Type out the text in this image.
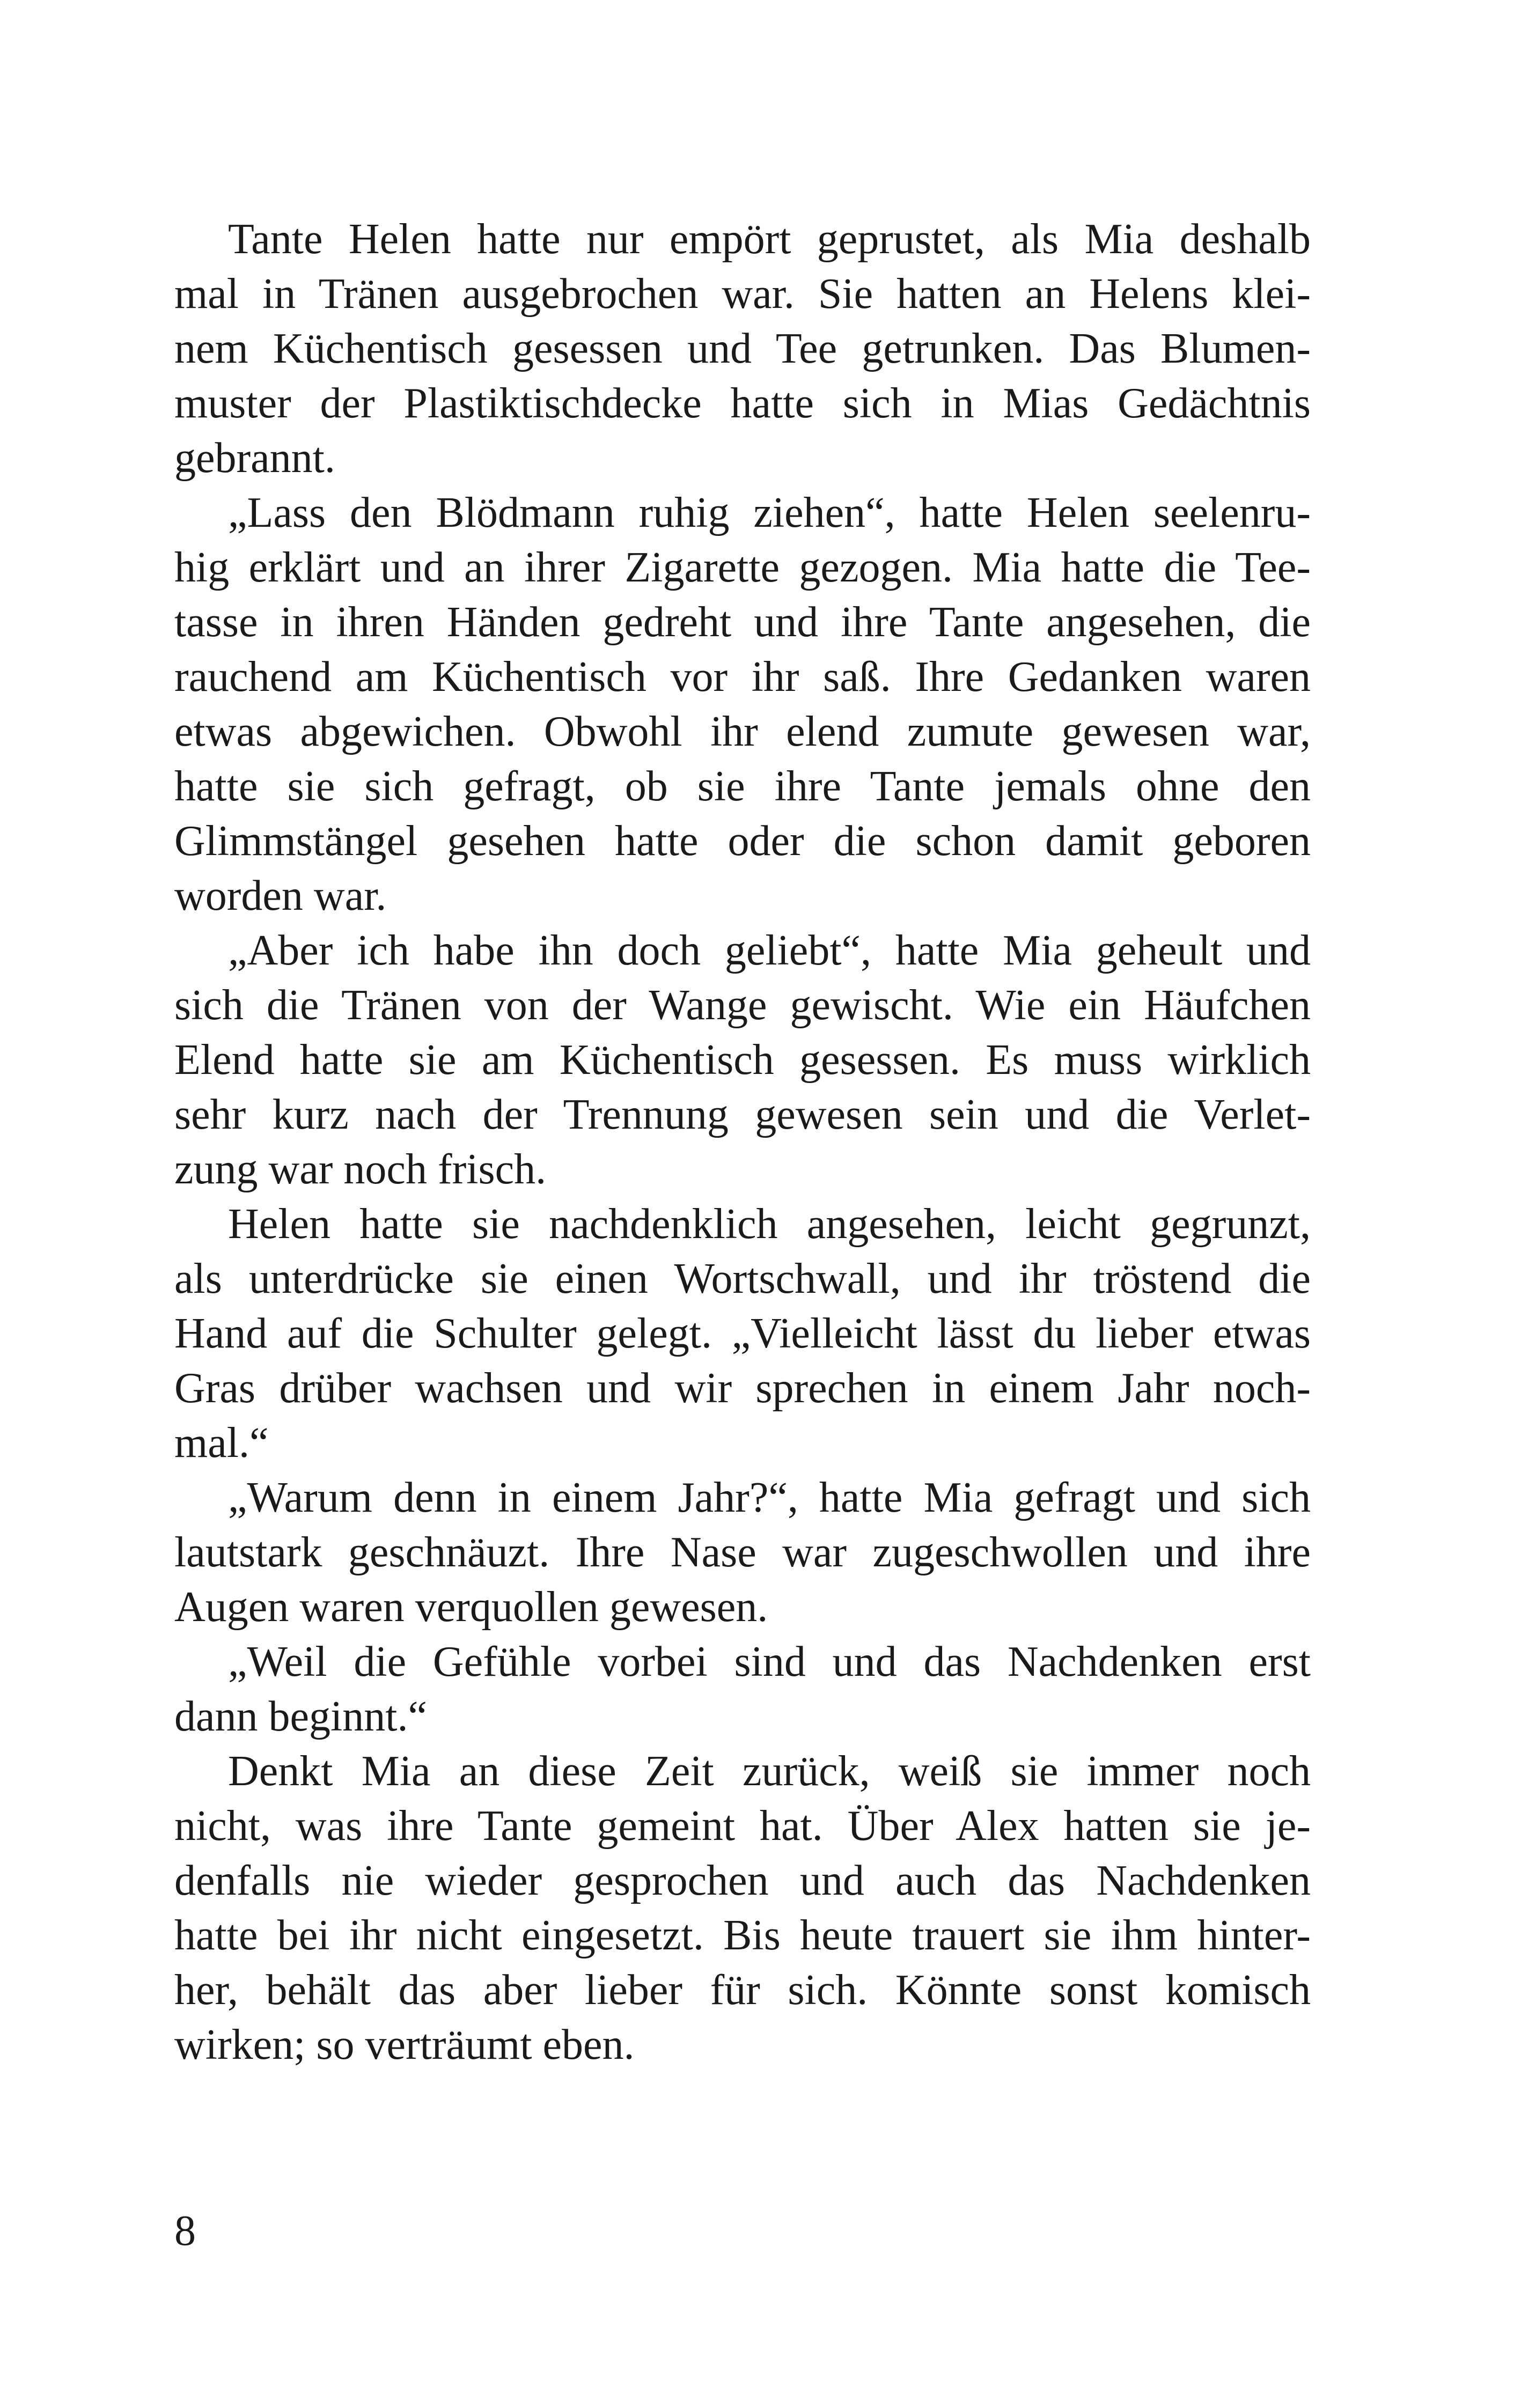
Tante Helen hatte nur empört geprustet, als Mia deshalb
mal in Tränen ausgebrochen war. Sie hatten an Helens klei-
nem Küchentisch gesessen und Tee getrunken. Das Blumen-
muster der Plastiktischdecke hatte sich in Mias Gedächtnis
gebrannt.
„Lass den Blödmann ruhig ziehen“, hatte Helen seelenru-
hig erklärt und an ihrer Zigarette gezogen. Mia hatte die Tee-
tasse in ihren Händen gedreht und ihre Tante angesehen, die
rauchend am Küchentisch vor ihr saß. Ihre Gedanken waren
etwas abgewichen. Obwohl ihr elend zumute gewesen war,
hatte sie sich gefragt, ob sie ihre Tante jemals ohne den
Glimmstängel gesehen hatte oder die schon damit geboren
worden war.
„Aber ich habe ihn doch geliebt“, hatte Mia geheult und
sich die Tränen von der Wange gewischt. Wie ein Häufchen
Elend hatte sie am Küchentisch gesessen. Es muss wirklich
sehr kurz nach der Trennung gewesen sein und die Verlet-
zung war noch frisch.
Helen hatte sie nachdenklich angesehen, leicht gegrunzt,
als unterdrücke sie einen Wortschwall, und ihr tröstend die
Hand auf die Schulter gelegt. „Vielleicht lässt du lieber etwas
Gras drüber wachsen und wir sprechen in einem Jahr noch-
mal.“
„Warum denn in einem Jahr?“, hatte Mia gefragt und sich
lautstark geschnäuzt. Ihre Nase war zugeschwollen und ihre
Augen waren verquollen gewesen.
„Weil die Gefühle vorbei sind und das Nachdenken erst
dann beginnt.“
Denkt Mia an diese Zeit zurück, weiß sie immer noch
nicht, was ihre Tante gemeint hat. Über Alex hatten sie je-
denfalls nie wieder gesprochen und auch das Nachdenken
hatte bei ihr nicht eingesetzt. Bis heute trauert sie ihm hinter-
her, behält das aber lieber für sich. Könnte sonst komisch
wirken; so verträumt eben.
8
